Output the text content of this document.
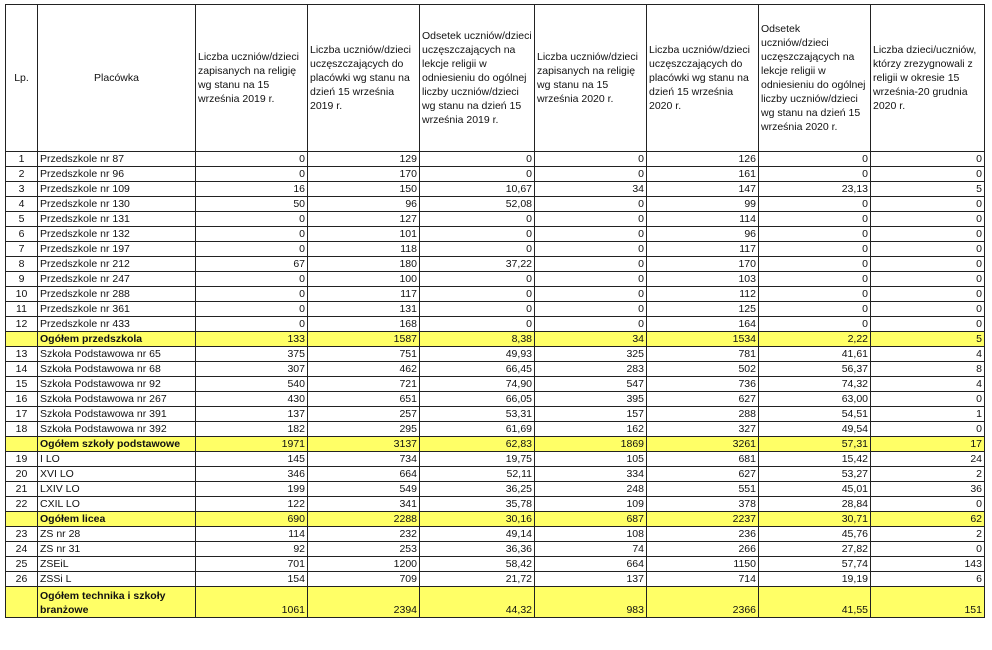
Lp.	Placówka	Liczba uczniów/dzieci zapisanych na religię wg stanu na 15 września 2019 r.	Liczba uczniów/dzieci uczęszczających do placówki wg stanu na dzień 15 września 2019 r.	Odsetek uczniów/dzieci uczęszczających na lekcje religii w odniesieniu do ogólnej liczby uczniów/dzieci wg stanu na dzień 15 września 2019 r.	Liczba uczniów/dzieci zapisanych na religię wg stanu na 15 września 2020 r.	Liczba uczniów/dzieci uczęszczających do placówki wg stanu na dzień 15 września 2020 r.	Odsetek uczniów/dzieci uczęszczających na lekcje religii w odniesieniu do ogólnej liczby uczniów/dzieci wg stanu na dzień 15 września 2020 r.	Liczba dzieci/uczniów, którzy zrezygnowali z religii w okresie 15 września-20 grudnia 2020 r.
1	Przedszkole nr 87	0	129	0	0	126	0	0
2	Przedszkole nr 96	0	170	0	0	161	0	0
3	Przedszkole nr 109	16	150	10,67	34	147	23,13	5
4	Przedszkole nr 130	50	96	52,08	0	99	0	0
5	Przedszkole nr 131	0	127	0	0	114	0	0
6	Przedszkole nr 132	0	101	0	0	96	0	0
7	Przedszkole nr 197	0	118	0	0	117	0	0
8	Przedszkole nr 212	67	180	37,22	0	170	0	0
9	Przedszkole nr 247	0	100	0	0	103	0	0
10	Przedszkole nr 288	0	117	0	0	112	0	0
11	Przedszkole nr 361	0	131	0	0	125	0	0
12	Przedszkole nr 433	0	168	0	0	164	0	0
	Ogółem przedszkola	133	1587	8,38	34	1534	2,22	5
13	Szkoła Podstawowa nr 65	375	751	49,93	325	781	41,61	4
14	Szkoła Podstawowa nr 68	307	462	66,45	283	502	56,37	8
15	Szkoła Podstawowa nr 92	540	721	74,90	547	736	74,32	4
16	Szkoła Podstawowa nr 267	430	651	66,05	395	627	63,00	0
17	Szkoła Podstawowa nr 391	137	257	53,31	157	288	54,51	1
18	Szkoła Podstawowa nr 392	182	295	61,69	162	327	49,54	0
	Ogółem szkoły podstawowe	1971	3137	62,83	1869	3261	57,31	17
19	I LO	145	734	19,75	105	681	15,42	24
20	XVI LO	346	664	52,11	334	627	53,27	2
21	LXIV LO	199	549	36,25	248	551	45,01	36
22	CXIL LO	122	341	35,78	109	378	28,84	0
	Ogółem licea	690	2288	30,16	687	2237	30,71	62
23	ZS nr 28	114	232	49,14	108	236	45,76	2
24	ZS nr 31	92	253	36,36	74	266	27,82	0
25	ZSEiL	701	1200	58,42	664	1150	57,74	143
26	ZSSi L	154	709	21,72	137	714	19,19	6
	Ogółem technika i szkoły branżowe	1061	2394	44,32	983	2366	41,55	151
